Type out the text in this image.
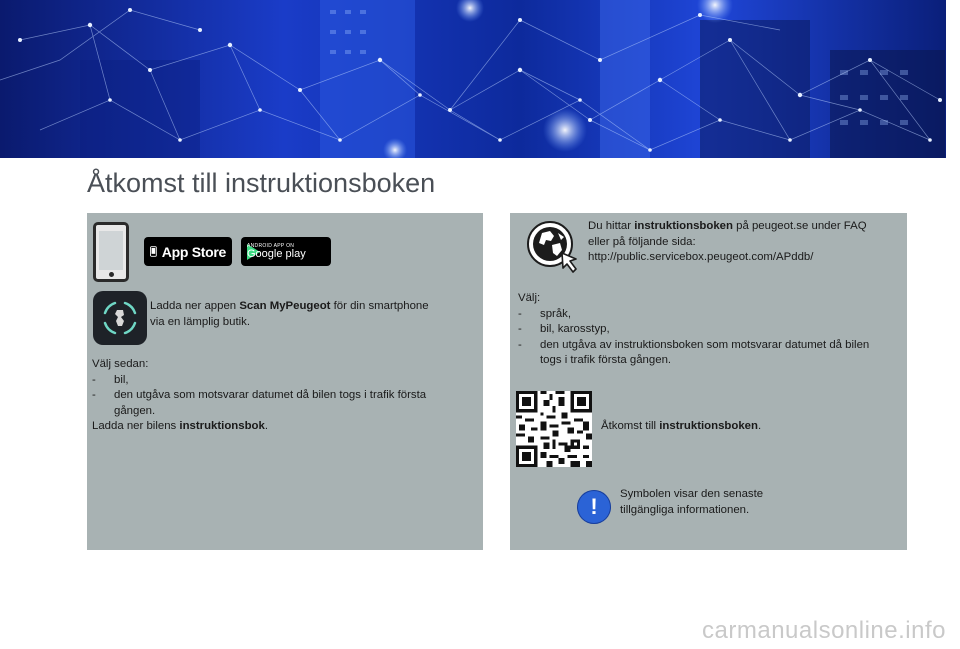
Åtkomst till instruktionsboken
App Store	ANDROID APP ON
Google play
Ladda ner appen Scan MyPeugeot för din smartphone
via en lämplig butik.
Välj sedan:
- bil,
- den utgåva som motsvarar datumet då bilen togs i trafik första
gången.
Ladda ner bilens instruktionsbok.
Du hittar instruktionsboken på peugeot.se under FAQ
eller på följande sida:
http://public.servicebox.peugeot.com/APddb/
Välj:
- språk,
- bil, karosstyp,
- den utgåva av instruktionsboken som motsvarar datumet då bilen
togs i trafik första gången.
Åtkomst till instruktionsboken.
!	Symbolen visar den senaste
tillgängliga informationen.
carmanualsonline.info
